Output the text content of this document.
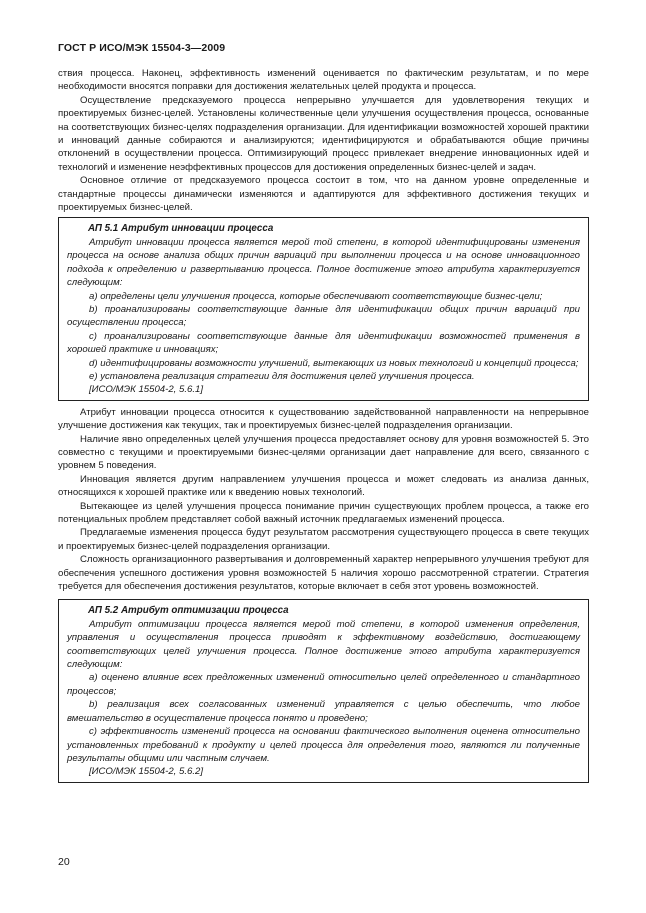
ГОСТ Р ИСО/МЭК 15504-3—2009

ствия процесса. Наконец, эффективность изменений оценивается по фактическим результатам, и по мере необходимости вносятся поправки для достижения желательных целей продукта и процесса.

Осуществление предсказуемого процесса непрерывно улучшается для удовлетворения текущих и проектируемых бизнес-целей. Установлены количественные цели улучшения осуществления процесса, основанные на соответствующих бизнес-целях подразделения организации. Для идентификации возможностей хорошей практики и инноваций данные собираются и анализируются; идентифицируются и обрабатываются общие причины отклонений в осуществлении процесса. Оптимизирующий процесс привлекает внедрение инновационных идей и технологий и изменение неэффективных процессов для достижения определенных бизнес-целей и задач.

Основное отличие от предсказуемого процесса состоит в том, что на данном уровне определенные и стандартные процессы динамически изменяются и адаптируются для эффективного достижения текущих и проектируемых бизнес-целей.

АП 5.1 Атрибут инновации процесса

Атрибут инновации процесса является мерой той степени, в которой идентифицированы изменения процесса на основе анализа общих причин вариаций при выполнении процесса и на основе инновационного подхода к определению и развертыванию процесса. Полное достижение этого атрибута характеризуется следующим:

a) определены цели улучшения процесса, которые обеспечивают соответствующие бизнес-цели;

b) проанализированы соответствующие данные для идентификации общих причин вариаций при осуществлении процесса;

c) проанализированы соответствующие данные для идентификации возможностей применения в хорошей практике и инновациях;

d) идентифицированы возможности улучшений, вытекающих из новых технологий и концепций процесса;

e) установлена реализация стратегии для достижения целей улучшения процесса.

[ИСО/МЭК 15504-2, 5.6.1]

Атрибут инновации процесса относится к существованию задействованной направленности на непрерывное улучшение достижения как текущих, так и проектируемых бизнес-целей подразделения организации.

Наличие явно определенных целей улучшения процесса предоставляет основу для уровня возможностей 5. Это совместно с текущими и проектируемыми бизнес-целями организации дает направление для всего, связанного с уровнем 5 поведения.

Инновация является другим направлением улучшения процесса и может следовать из анализа данных, относящихся к хорошей практике или к введению новых технологий.

Вытекающее из целей улучшения процесса понимание причин существующих проблем процесса, а также его потенциальных проблем представляет собой важный источник предлагаемых изменений процесса.

Предлагаемые изменения процесса будут результатом рассмотрения существующего процесса в свете текущих и проектируемых бизнес-целей подразделения организации.

Сложность организационного развертывания и долговременный характер непрерывного улучшения требуют для обеспечения успешного достижения уровня возможностей 5 наличия хорошо рассмотренной стратегии. Стратегия требуется для обеспечения достижения результатов, которые включает в себя этот уровень возможностей.

АП 5.2 Атрибут оптимизации процесса

Атрибут оптимизации процесса является мерой той степени, в которой изменения определения, управления и осуществления процесса приводят к эффективному воздействию, достигающему соответствующих целей улучшения процесса. Полное достижение этого атрибута характеризуется следующим:

a) оценено влияние всех предложенных изменений относительно целей определенного и стандартного процессов;

b) реализация всех согласованных изменений управляется с целью обеспечить, что любое вмешательство в осуществление процесса понято и проведено;

c) эффективность изменений процесса на основании фактического выполнения оценена относительно установленных требований к продукту и целей процесса для определения того, являются ли полученные результаты общими или частным случаем.

[ИСО/МЭК 15504-2, 5.6.2]

20
